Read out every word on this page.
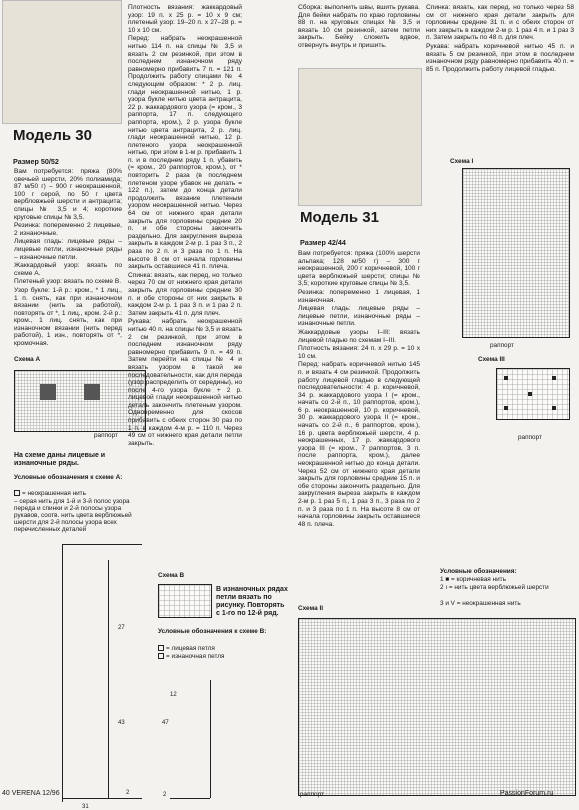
Модель 30
Размер 50/52

Вам потребуется: пряжа (80% овечьей шерсти, 20% полиамида; 87 м/50 г) – 900 г неокрашенной, 100 г серой, по 50 г цвета вербловжьей шерсти и антрацита; спицы № 3,5 и 4; короткие круговые спицы № 3,5.

Резинка: попеременно 2 лицевые, 2 изнаночные.

Лицевая гладь: лицевые ряды – лицевые петли, изнаночные ряды – изнаночные петли.

Жаккардовый узор: вязать по схеме А.

Плетеный узор: вязать по схеме В.

Узор букле: 1-й р.: кром., * 1 лиц., 1 п. снять, как при изнаночном вязании (нить за работой), повторять от *, 1 лиц., кром. 2-й р.: кром., 1 лиц. снять, как при изнаночном вязании (нить перед работой), 1 изн., повторять от *, кромочная.

Схема А
раппорт
На схеме даны лицевые и изнаночные ряды.
Условные обозначения к схеме А:
= неокрашенная нить
– серая нить для 1-й и 3-й полос узора переда и спинки и 2-й полосы узора рукавов, соотв. нить цвета верблюжьей шерсти для 2-й полосы узора всех перечисленных деталей
27
43
31
2

Плотность вязания: жаккардовый узор: 19 п. х 25 р. = 10 х 9 см; плетеный узор: 19–20 п. х 27–28 р. = 10 х 10 см.

Перед: набрать неокрашенной нитью 114 п. на спицы № 3,5 и вязать 2 см резинкой, при этом в последнем изнаночном ряду равномерно прибавить 7 п. = 121 п. Продолжить работу спицами № 4 следующим образом: * 2 р. лиц. глади неокрашенной нитью, 1 р. узора букле нитью цвета антрацита, 22 р. жаккардового узора (= кром., 3 раппорта, 17 п. следующего раппорта, кром.), 2 р. узора букле нитью цвета антрацита, 2 р. лиц. глади неокрашенной нитью, 12 р. плетеного узора неокрашенной нитью, при этом в 1-м р. прибавить 1 п. и в последнем ряду 1 п. убавить (= кром., 20 раппортов, кром.), от * повторить 2 раза (в последнем плетеном узоре убавок не делать = 122 п.), затем до конца детали продолжить вязание плетеным узором неокрашенной нитью. Через 64 см от нижнего края детали закрыть для горловины средние 20 п. и обе стороны закончить раздельно. Для закругления выреза закрыть в каждом 2-м р. 1 раз 3 п., 2 раза по 2 п. и 3 раза по 1 п. На высоте 8 см от начала горловины закрыть оставшиеся 41 п. плеча.

Спинка: вязать, как перед, но только через 70 см от нижнего края детали закрыть для горловины средние 30 п. и обе стороны от них закрыть в каждом 2-м р. 1 раз 3 п. и 1 раз 2 п. Затем закрыть 41 п. для плеч.

Рукава: набрать неокрашенной нитью 40 п. на спицы № 3,5 и вязать 2 см резинкой, при этом в последнем изнаночном ряду равномерно прибавить 9 п. = 49 п. Затем перейти на спицы № 4 и вязать узором в такой же последовательности, как для переда (узор распределить от середины), но после 4-го узора букле + 2 р. лицевой глади неокрашенной нитью деталь закончить плетеным узором. Одновременно для скосов прибавить с обеих сторон 30 раз по 1 п. в каждом 4-м р. = 110 п. Через 49 см от нижнего края детали петли закрыть.

Схема В
В изнаночных рядах петли вязать по рисунку. Повторять с 1-го по 12-й ряд.
Условные обозначения к схеме В:
= лицевая петля
= изнаночная петля
47
12
2

Сборка: выполнить швы, вшить рукава. Для бейки набрать по краю горловины 88 п. на круговых спицах № 3,5 и вязать 10 см резинкой, затем петли закрыть. Бейку сложить вдвое, отвернуть внутрь и пришить.

Модель 31
Размер 42/44

Вам потребуется: пряжа (100% шерсти альпака; 128 м/50 г) – 300 г неокрашенной, 200 г коричневой, 100 г цвета верблюжьей шерсти; спицы № 3,5; короткие круговые спицы № 3,5.

Резинка: попеременно 1 лицевая, 1 изнаночная.

Лицевая гладь: лицевые ряды – лицевые петли, изнаночные ряды – изнаночные петли.

Жаккардовые узоры I–III: вязать лицевой гладью по схемам I–III.

Плотность вязания: 24 п. х 29 р. = 10 х 10 см.

Перед: набрать коричневой нитью 145 п. и вязать 4 см резинкой. Продолжить работу лицевой гладью в следующей последовательности: 4 р. коричневой, 34 р. жаккардового узора I (= кром., начать со 2-й п., 10 раппортов, кром.), 6 р. неокрашенной, 10 р. коричневой, 30 р. жаккардового узора II (= кром., начать со 2-й п., 6 раппортов, кром.), 16 р. цвета верблюжьей шерсти, 4 р. неокрашенных, 17 р. жаккардового узора III (= кром., 7 раппортов, 3 п. после раппорта, кром.), далее неокрашенной нитью до конца детали. Через 52 см от нижнего края детали закрыть для горловины средние 15 п. и обе стороны закончить раздельно. Для закругления выреза закрыть в каждом 2-м р. 1 раз 5 п., 1 раз 3 п., 3 раза по 2 п. и 3 раза по 1 п. На высоте 8 см от начала горловины закрыть оставшиеся 48 п. плеча.

Спинка: вязать, как перед, но только через 58 см от нижнего края детали закрыть для горловины средние 31 п. и с обеих сторон от них закрыть в каждом 2-м р. 1 раз 4 п. и 1 раз 3 п. Затем закрыть по 48 п. для плеч.

Рукава: набрать коричневой нитью 45 п. и вязать 5 см резинкой, при этом в последнем изнаночном ряду равномерно прибавить 40 п. = 85 п. Продолжить работу лицевой гладью.

Схема I
раппорт
Схема III
раппорт
Условные обозначения:
1 ■ = коричневая нить
2 ı = нить цвета верблюжьей шерсти
3 и V = неокрашенная нить
Схема II
раппорт
40 VERENA 12/96	PassionForum.ru
